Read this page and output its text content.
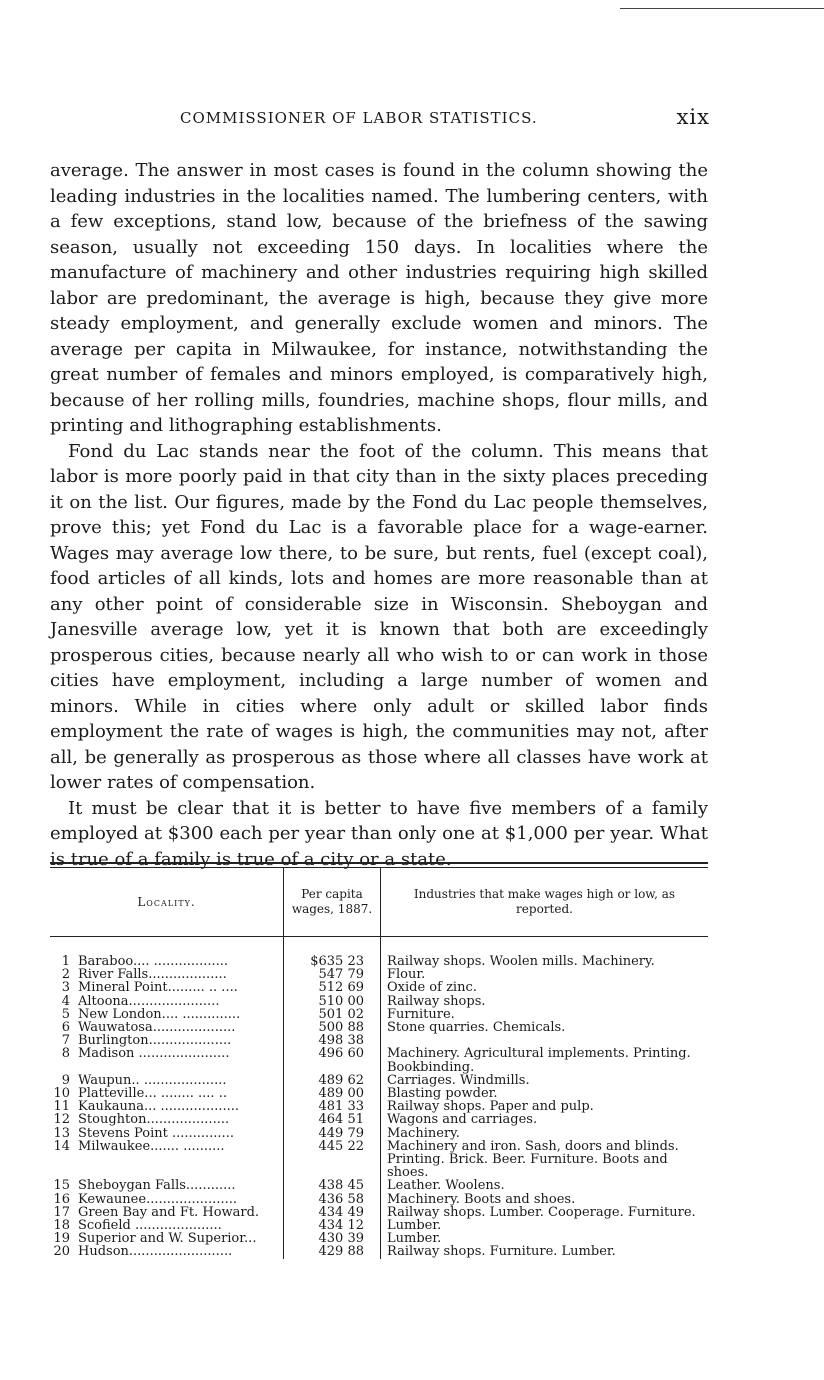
COMMISSIONER OF LABOR STATISTICS.	xix

average. The answer in most cases is found in the column showing the leading industries in the localities named. The lumbering centers, with a few exceptions, stand low, because of the briefness of the sawing season, usually not exceeding 150 days. In localities where the manufacture of machinery and other industries requiring high skilled labor are predominant, the average is high, because they give more steady employment, and generally exclude women and minors. The average per capita in Milwaukee, for instance, notwithstanding the great number of females and minors employed, is comparatively high, because of her rolling mills, foundries, machine shops, flour mills, and printing and lithographing establishments.

Fond du Lac stands near the foot of the column. This means that labor is more poorly paid in that city than in the sixty places preceding it on the list. Our figures, made by the Fond du Lac people themselves, prove this; yet Fond du Lac is a favorable place for a wage-earner. Wages may average low there, to be sure, but rents, fuel (except coal), food articles of all kinds, lots and homes are more reasonable than at any other point of considerable size in Wisconsin. Sheboygan and Janesville average low, yet it is known that both are exceedingly prosperous cities, because nearly all who wish to or can work in those cities have employment, including a large number of women and minors. While in cities where only adult or skilled labor finds employment the rate of wages is high, the communities may not, after all, be generally as prosperous as those where all classes have work at lower rates of compensation.

It must be clear that it is better to have five members of a family employed at $300 each per year than only one at $1,000 per year. What is true of a family is true of a city or a state.

Locality.	Per capita wages, 1887.	Industries that make wages high or low, as reported.

1 Baraboo.... ..................	$635 23	Railway shops. Woolen mills. Machinery.
2 River Falls...................	547 79	Flour.
3 Mineral Point......... .. ....	512 69	Oxide of zinc.
4 Altoona......................	510 00	Railway shops.
5 New London.... ..............	501 02	Furniture.
6 Wauwatosa....................	500 88	Stone quarries. Chemicals.
7 Burlington....................	498 38	
8 Madison ......................	496 60	Machinery. Agricultural implements. Printing. Bookbinding.
9 Waupun.. ....................	489 62	Carriages. Windmills.
10 Platteville... ........ .... ..	489 00	Blasting powder.
11 Kaukauna... ...................	481 33	Railway shops. Paper and pulp.
12 Stoughton....................	464 51	Wagons and carriages.
13 Stevens Point ...............	449 79	Machinery.
14 Milwaukee....... ..........	445 22	Machinery and iron. Sash, doors and blinds. Printing. Brick. Beer. Furniture. Boots and shoes.
15 Sheboygan Falls............	438 45	Leather. Woolens.
16 Kewaunee......................	436 58	Machinery. Boots and shoes.
17 Green Bay and Ft. Howard.	434 49	Railway shops. Lumber. Cooperage. Furniture.
18 Scofield .....................	434 12	Lumber.
19 Superior and W. Superior...	430 39	Lumber.
20 Hudson.........................	429 88	Railway shops. Furniture. Lumber.
